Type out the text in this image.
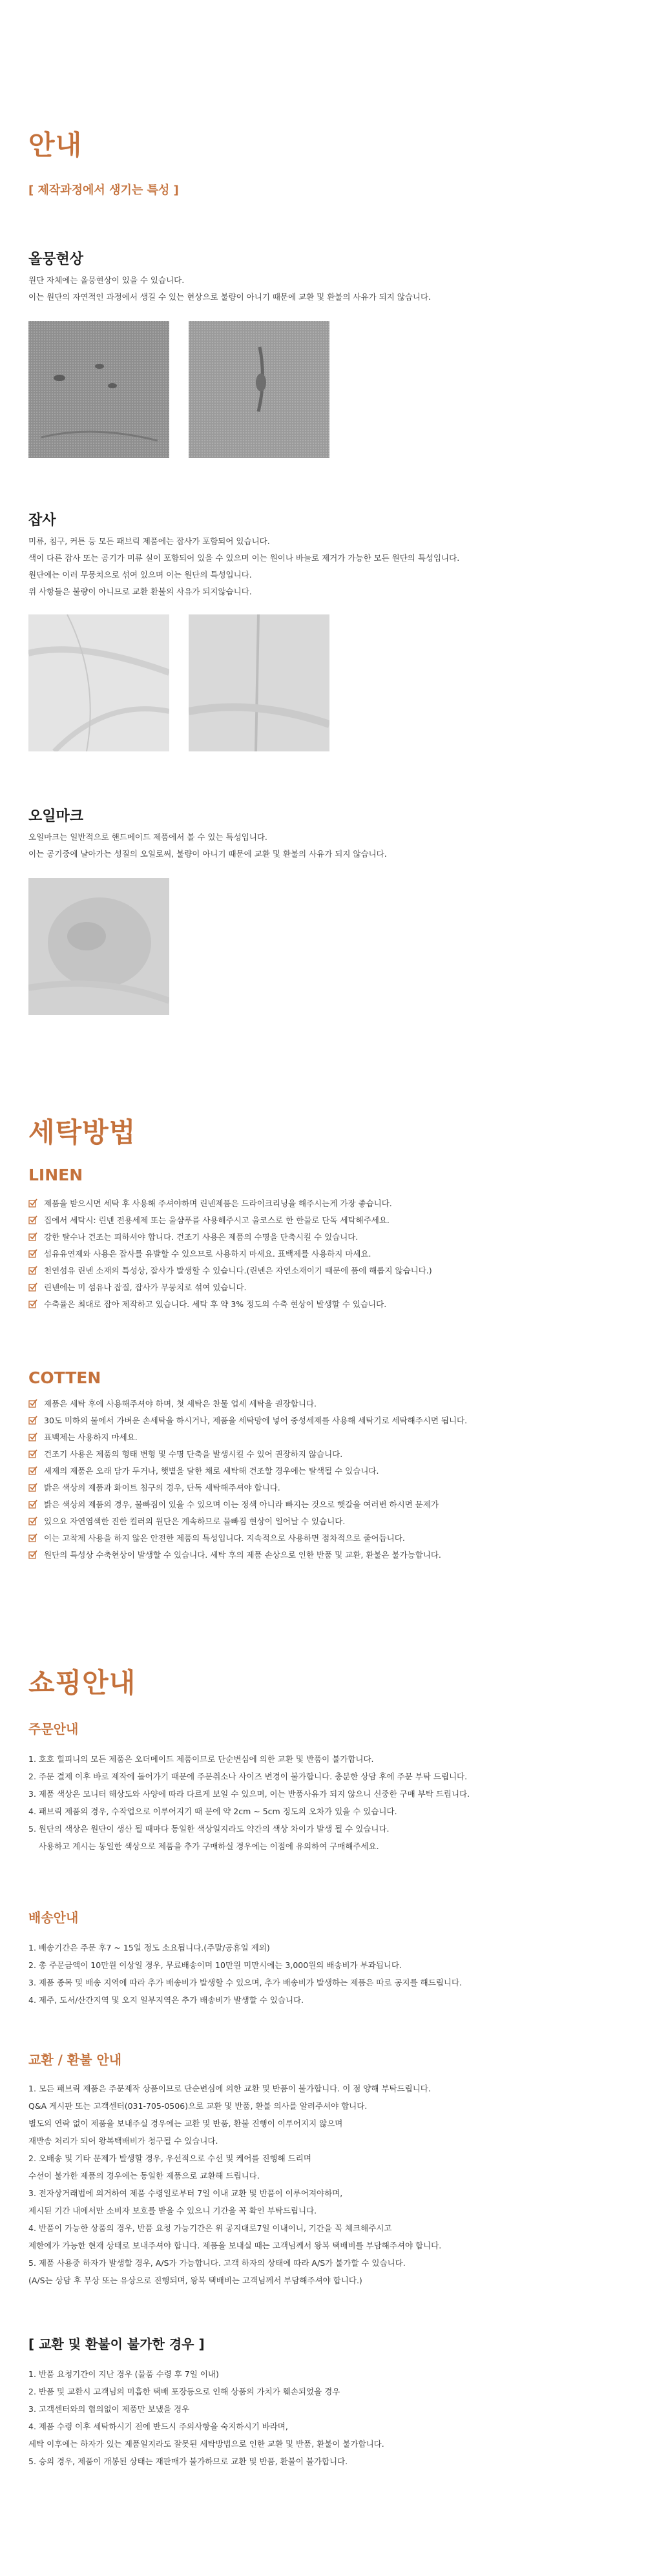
안내
[ 제작과정에서 생기는 특성 ]
올뭉현상
원단 자체에는 올뭉현상이 있을 수 있습니다.
이는 원단의 자연적인 과정에서 생길 수 있는 현상으로 불량이 아니기 때문에 교환 및 환불의 사유가 되지 않습니다.
잡사
미류, 침구, 커튼 등 모든 패브릭 제품에는 잡사가 포함되어 있습니다.
색이 다른 잡사 또는 공기가 미류 실이 포함되어 있을 수 있으며 이는 원이나 바늘로 제거가 가능한 모든 원단의 특성입니다.
원단에는 이러 무뭉치으로 섞여 있으며 이는 원단의 특성입니다.
위 사항들은 불량이 아니므로 교환 환불의 사유가 되지않습니다.
오일마크
오일마크는 일반적으로 핸드메이드 제품에서 볼 수 있는 특성입니다.
이는 공기중에 날아가는 성질의 오일로써, 불량이 아니기 때문에 교환 및 환불의 사유가 되지 않습니다.
세탁방법
LINEN
제품을 받으시면 세탁 후 사용해 주셔야하며 린넨제품은 드라이크리닝을 해주시는게 가장 좋습니다.
집에서 세탁시: 린넨 전용세제 또는 울샴푸를 사용해주시고 울코스로 한 한물로 단독 세탁해주세요.
강한 탈수나 건조는 피하셔야 합니다. 건조기 사용은 제품의 수명을 단축시킬 수 있습니다.
섬유유연제와 사용은 잡사를 유발할 수 있으므로 사용하지 마세요. 표백제를 사용하지 마세요.
천연섬유 린넨 소재의 특성상, 잡사가 발생할 수 있습니다.(린넨은 자연소재이기 때문에 품에 해롭지 않습니다.)
린넨에는 미 섬유나 잡질, 잡사가 무뭉치로 섞여 있습니다.
수축률은 최대로 잡아 제작하고 있습니다. 세탁 후 약 3% 정도의 수축 현상이 발생할 수 있습니다.
COTTEN
제품은 세탁 후에 사용해주셔야 하며, 첫 세탁은 찬물 업세 세탁을 권장합니다.
30도 미하의 물에서 가벼운 손세탁을 하시거나, 제품을 세탁망에 넣어 중성세제를 사용해 세탁기로 세탁해주시면 됩니다.
표백제는 사용하지 마세요.
건조기 사용은 제품의 형태 변형 및 수명 단축을 발생시킬 수 있어 권장하지 않습니다.
세제의 제품은 오래 담가 두거나, 햇볕을 달한 채로 세탁해 건조할 경우에는 탈색될 수 있습니다.
밝은 색상의 제품과 화이트 침구의 경우, 단독 세탁해주셔야 합니다.
밝은 색상의 제품의 경우, 물빠짐이 있을 수 있으며 이는 정색 아니라 빠지는 것으로 햇갈을 여러번 하시면 문제가
있으요 자연염색한 진한 컬러의 원단은 계속하므로 물빠짐 현상이 일어날 수 있습니다.
이는 고착제 사용을 하지 않은 안전한 제품의 특성입니다. 지속적으로 사용하면 점차적으로 줄어듭니다.
원단의 특성상 수축현상이 발생할 수 있습니다. 세탁 후의 제품 손상으로 인한 반품 및 교환, 환불은 불가능합니다.
쇼핑안내
주문안내
1. 호호 힐피니의 모든 제품은 오더메이드 제품이므로 단순변심에 의한 교환 및 반품이 불가합니다.
2. 주문 결제 이후 바로 제작에 돌어가기 때문에 주문취소나 사이즈 변경이 불가합니다. 충분한 상담 후에 주문 부탁 드립니다.
3. 제품 색상은 모니터 해상도와 사양에 따라 다르게 보일 수 있으며, 이는 반품사유가 되지 않으니 신중한 구매 부탁 드립니다.
4. 패브릭 제품의 경우, 수작업으로 이루어지기 때 문에 약 2cm ~ 5cm 정도의 오차가 있을 수 있습니다.
5. 원단의 색상은 원단이 생산 될 때마다 동일한 색상일지라도 약간의 색상 차이가 발생 될 수 있습니다.
사용하고 계시는 동일한 색상으로 제품을 추가 구매하실 경우에는 이점에 유의하여 구매해주세요.
배송안내
1. 배송기간은 주문 후7 ~ 15일 정도 소요됩니다.(주말/공휴일 제외)
2. 총 주문금액이 10만원 이상일 경우, 무료배송이며 10만원 미만시에는 3,000원의 배송비가 부과됩니다.
3. 제품 종목 및 배송 지역에 따라 추가 배송비가 발생할 수 있으며, 추가 배송비가 발생하는 제품은 따로 공지를 해드립니다.
4. 제주, 도서/산간지역 및 오지 일부지역은 추가 배송비가 발생할 수 있습니다.
교환 / 환불 안내
1. 모든 패브릭 제품은 주문제작 상품이므로 단순변심에 의한 교환 및 반품이 불가합니다. 이 점 양해 부탁드립니다.
Q&A 게시판 또는 고객센터(031-705-0506)으로 교환 및 반품, 환불 의사를 알려주셔야 합니다.
별도의 연락 없이 제품을 보내주실 경우에는 교환 및 반품, 환불 진행이 이루어지지 않으며
재반송 처리가 되어 왕복택배비가 청구될 수 있습니다.
2. 오배송 및 기타 문제가 발생할 경우, 우선적으로 수선 및 케어를 진행해 드리며
수선이 불가한 제품의 경우에는 동일한 제품으로 교환해 드립니다.
3. 전자상거래법에 의거하여 제품 수령일로부터 7일 이내 교환 및 반품이 이루어져야하며,
제시된 기간 내에서만 소비자 보호를 받을 수 있으니 기간을 꼭 확인 부탁드립니다.
4. 반품이 가능한 상품의 경우, 반품 요청 가능기간은 위 공지대로7일 이내이니, 기간을 꼭 체크해주시고
제한에가 가능한 현재 상태로 보내주셔야 합니다. 제품을 보내실 때는 고객님께서 왕복 택배비를 부담해주셔야 합니다.
5. 제품 사용중 하자가 발생할 경우, A/S가 가능합니다. 고객 하자의 상태에 따라 A/S가 불가할 수 있습니다.
(A/S는 상담 후 무상 또는 유상으로 진행되며, 왕복 택배비는 고객님께서 부담해주셔야 합니다.)
[ 교환 및 환불이 불가한 경우 ]
1. 반품 요청기간이 지난 경우 (물품 수령 후 7일 이내)
2. 반품 및 교환시 고객님의 미흡한 택배 포장등으로 인해 상품의 가치가 훼손되었을 경우
3. 고객센터와의 협의없이 제품만 보냈을 경우
4. 제품 수령 이후 세탁하시기 전에 반드시 주의사항을 숙지하시기 바라며,
세탁 이후에는 하자가 있는 제품일지라도 잘못된 세탁방법으로 인한 교환 및 반품, 환불이 불가합니다.
5. 승의 경우, 제품이 개봉된 상태는 재판매가 불가하므로 교환 및 반품, 환불이 불가합니다.
